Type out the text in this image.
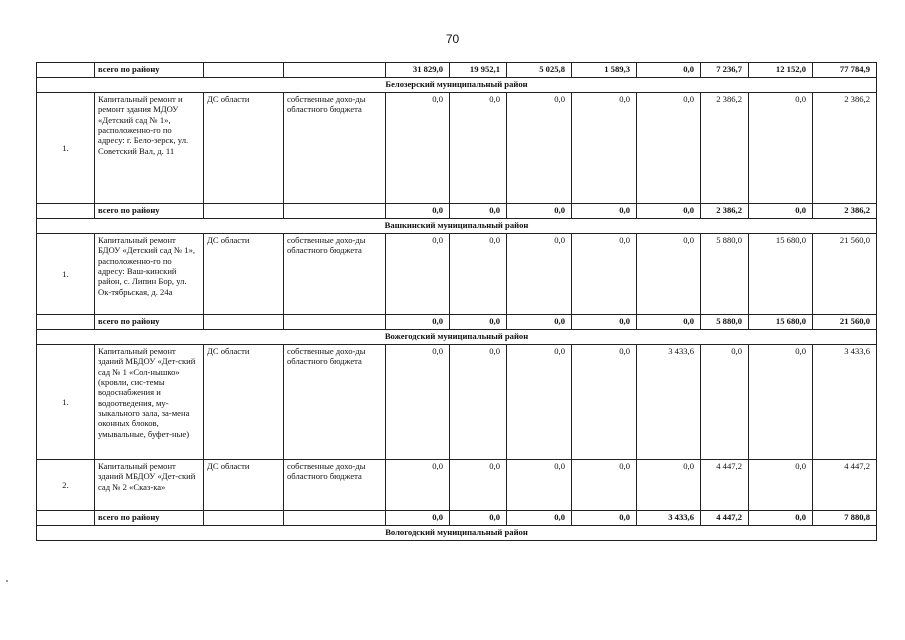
70
	всего по району			31 829,0	19 952,1	5 025,8	1 589,3	0,0	7 236,7	12 152,0	77 784,9
Белозерский муниципальный район											
1.	Капитальный ремонт и ремонт здания МДОУ «Детский сад № 1», расположенно-го по адресу: г. Бело-зерск, ул. Советский Вал, д. 11	ДС области	собственные дохо-ды областного бюджета	0,0	0,0	0,0	0,0	0,0	2 386,2	0,0	2 386,2
	всего по району			0,0	0,0	0,0	0,0	0,0	2 386,2	0,0	2 386,2
Вашкинский муниципальный район											
1.	Капитальный ремонт БДОУ «Детский сад № 1», расположенно-го по адресу: Ваш-кинский район, с. Липин Бор, ул. Ок-тябрьская, д. 24а	ДС области	собственные дохо-ды областного бюджета	0,0	0,0	0,0	0,0	0,0	5 880,0	15 680,0	21 560,0
	всего по району			0,0	0,0	0,0	0,0	0,0	5 880,0	15 680,0	21 560,0
Вожегодский муниципальный район											
1.	Капитальный ремонт зданий МБДОУ «Дет-ский сад № 1 «Сол-нышко» (кровли, сис-темы водоснабжения и водоотведения, му-зыкального зала, за-мена оконных блоков, умывальные, буфет-ные)	ДС области	собственные дохо-ды областного бюджета	0,0	0,0	0,0	0,0	3 433,6	0,0	0,0	3 433,6
2.	Капитальный ремонт зданий МБДОУ «Дет-ский сад № 2 «Сказ-ка»	ДС области	собственные дохо-ды областного бюджета	0,0	0,0	0,0	0,0	0,0	4 447,2	0,0	4 447,2
	всего по району			0,0	0,0	0,0	0,0	3 433,6	4 447,2	0,0	7 880,8
Вологодский муниципальный район											
